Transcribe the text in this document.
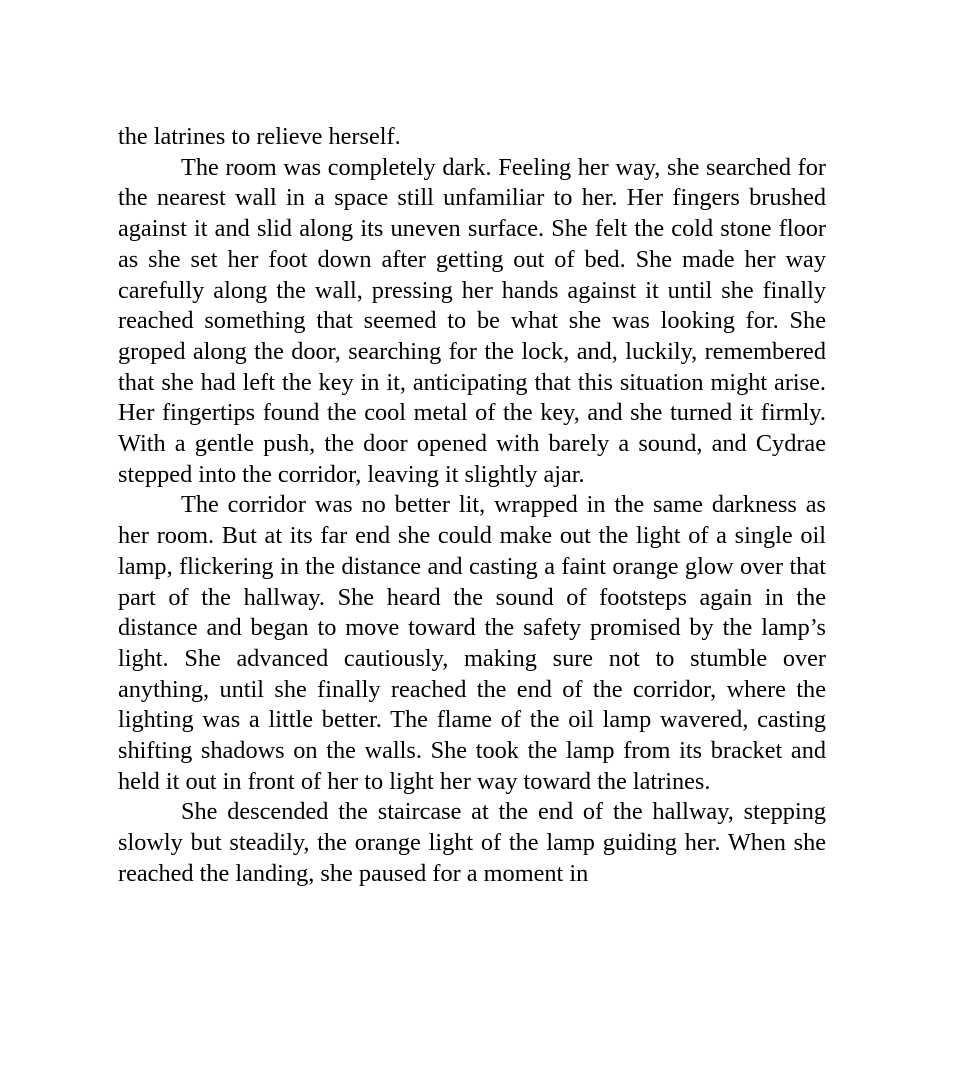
the latrines to relieve herself.

The room was completely dark. Feeling her way, she searched for the nearest wall in a space still unfamiliar to her. Her fingers brushed against it and slid along its uneven surface. She felt the cold stone floor as she set her foot down after getting out of bed. She made her way carefully along the wall, pressing her hands against it until she finally reached something that seemed to be what she was looking for. She groped along the door, searching for the lock, and, luckily, remembered that she had left the key in it, anticipating that this situation might arise. Her fingertips found the cool metal of the key, and she turned it firmly. With a gentle push, the door opened with barely a sound, and Cydrae stepped into the corridor, leaving it slightly ajar.

The corridor was no better lit, wrapped in the same darkness as her room. But at its far end she could make out the light of a single oil lamp, flickering in the distance and casting a faint orange glow over that part of the hallway. She heard the sound of footsteps again in the distance and began to move toward the safety promised by the lamp’s light. She advanced cautiously, making sure not to stumble over anything, until she finally reached the end of the corridor, where the lighting was a little better. The flame of the oil lamp wavered, casting shifting shadows on the walls. She took the lamp from its bracket and held it out in front of her to light her way toward the latrines.

She descended the staircase at the end of the hallway, stepping slowly but steadily, the orange light of the lamp guiding her. When she reached the landing, she paused for a moment in
